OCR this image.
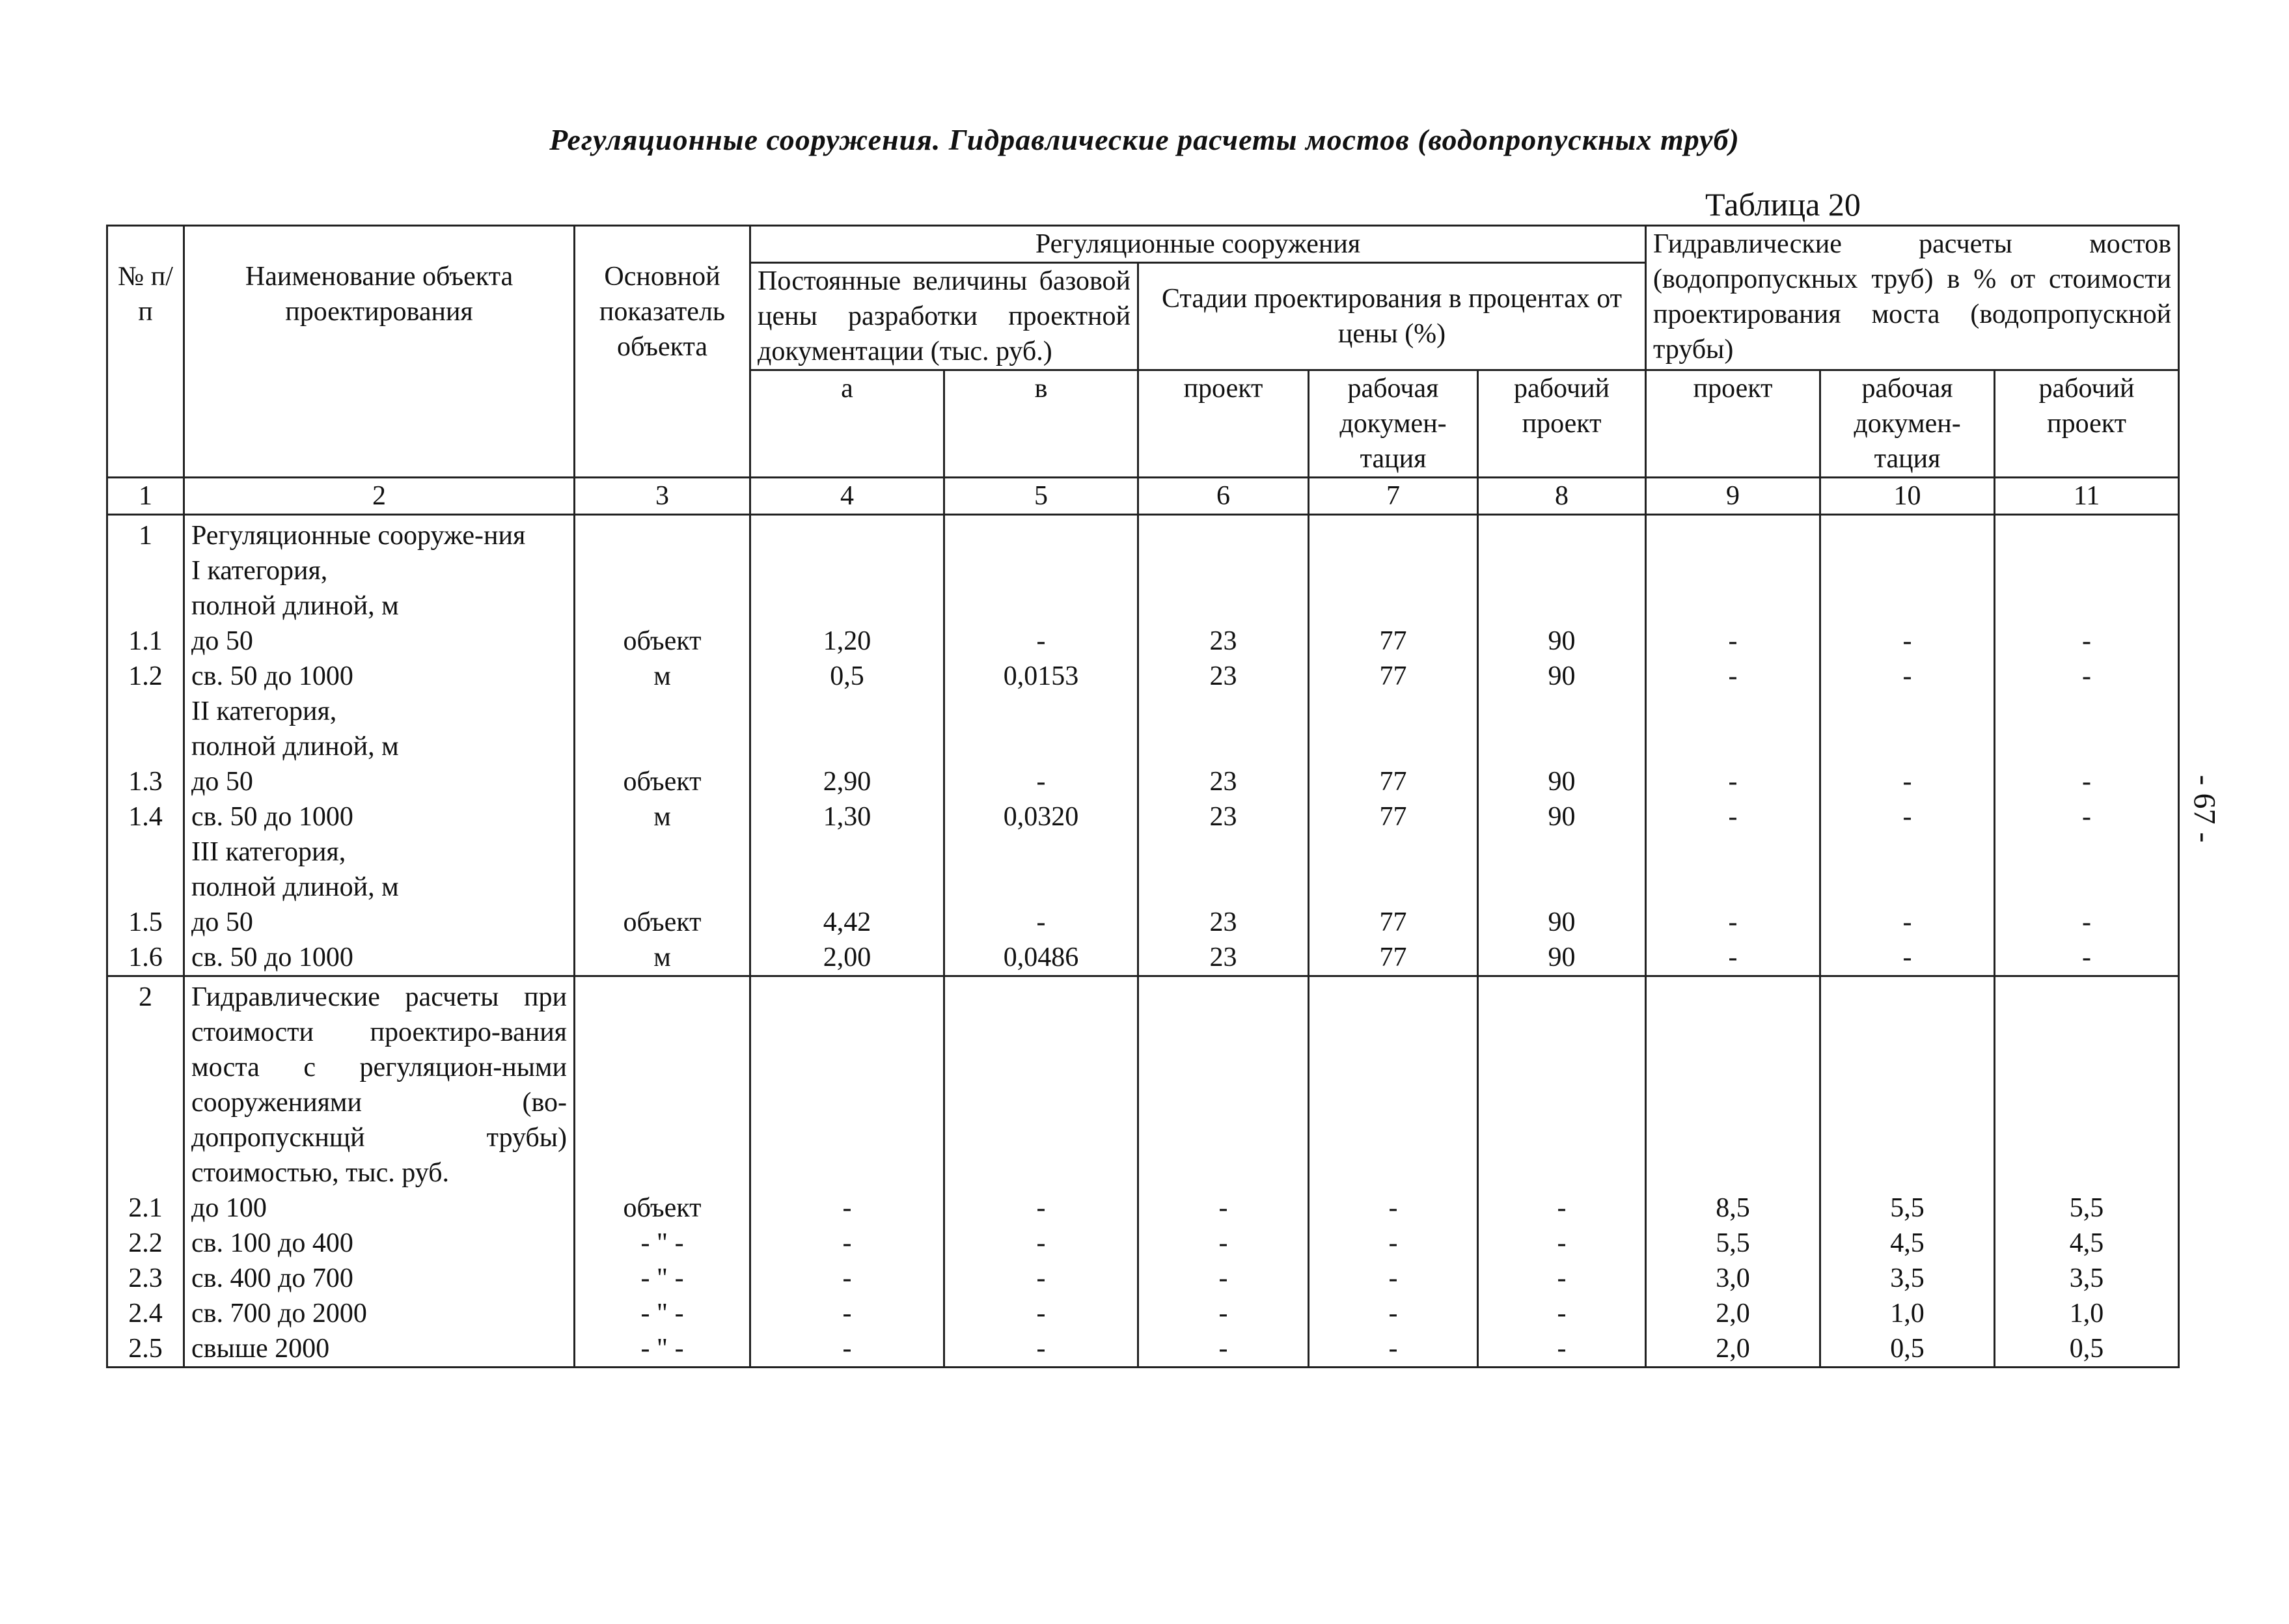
Регуляционные сооружения. Гидравлические расчеты мостов (водопропускных труб)
Таблица 20
- 67 -
№ п/п	Наименование объекта проектирования	Основной показатель объекта	Регуляционные сооружения					Гидравлические расчеты мостов (водопропускных труб) в % от стоимости проектирования моста (водопропускной трубы)		
			Постоянные величины базовой цены разработки проектной документации (тыс. руб.)		Стадии проектирования в процентах от цены (%)					
			а	в	проект	рабочая докумен-тация	рабочий проект	проект	рабочая докумен-тация	рабочий проект
1	2	3	4	5	6	7	8	9	10	11
1	Регуляционные сооруже-ния									
	I категория,									
	полной длиной, м									
1.1	до 50	объект	1,20	-	23	77	90	-	-	-
1.2	св. 50 до 1000	м	0,5	0,0153	23	77	90	-	-	-
	II категория,									
	полной длиной, м									
1.3	до 50	объект	2,90	-	23	77	90	-	-	-
1.4	св. 50 до 1000	м	1,30	0,0320	23	77	90	-	-	-
	III категория,									
	полной длиной, м									
1.5	до 50	объект	4,42	-	23	77	90	-	-	-
1.6	св. 50 до 1000	м	2,00	0,0486	23	77	90	-	-	-
2	Гидравлические расчеты при стоимости проектиро-вания моста с регуляцион-ными сооружениями (во-допропускнщй трубы) стоимостью, тыс. руб.									
2.1	до 100	объект	-	-	-	-	-	8,5	5,5	5,5
2.2	св. 100 до 400	- " -	-	-	-	-	-	5,5	4,5	4,5
2.3	св. 400 до 700	- " -	-	-	-	-	-	3,0	3,5	3,5
2.4	св. 700 до 2000	- " -	-	-	-	-	-	2,0	1,0	1,0
2.5	свыше 2000	- " -	-	-	-	-	-	2,0	0,5	0,5
